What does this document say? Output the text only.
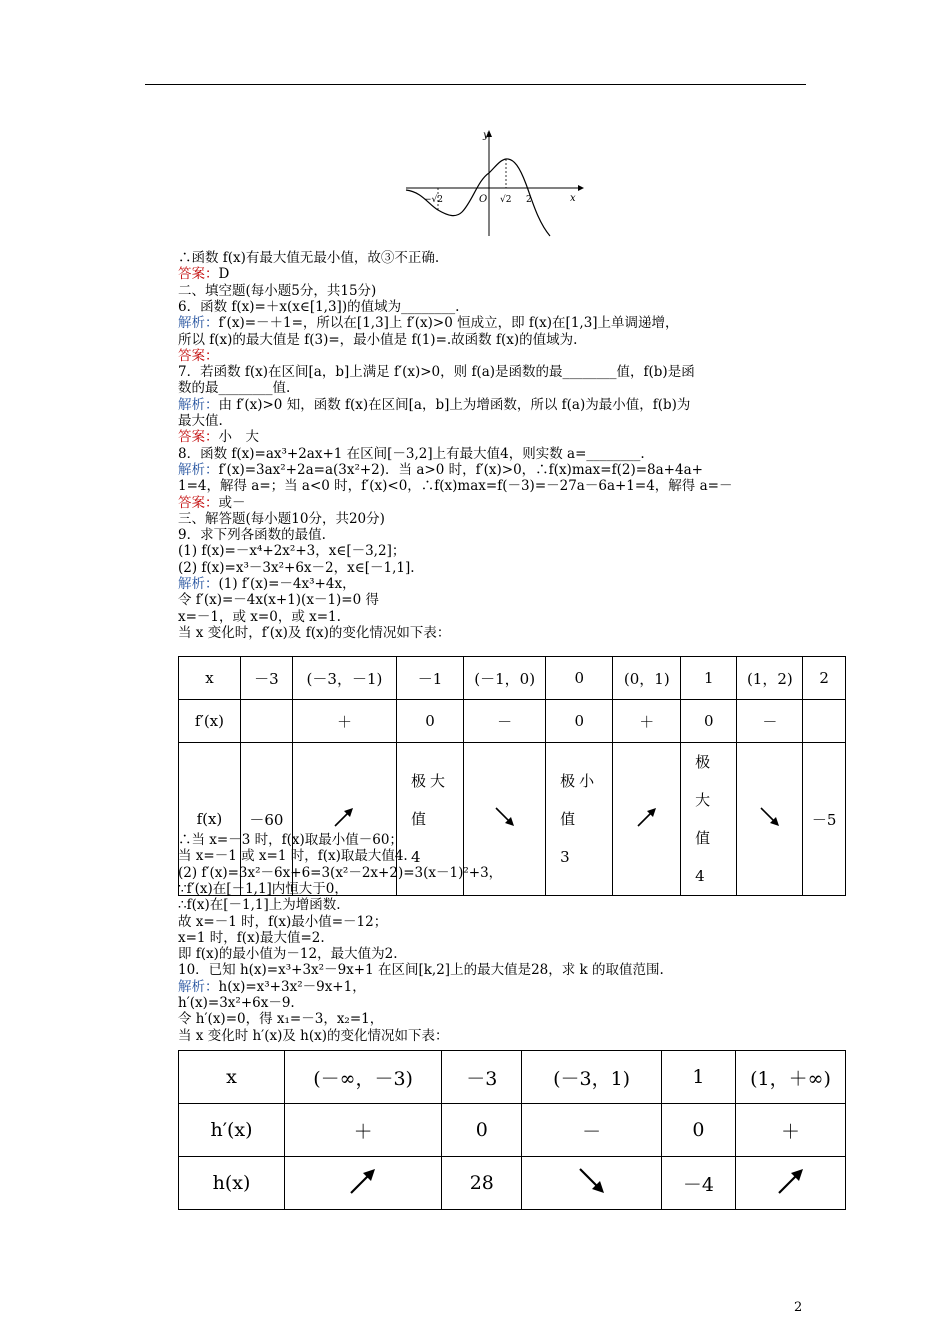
y
x
O
−√2	√2 2
∴函数 f(x)有最大值无最小值，故③不正确.
答案：D
二、填空题(每小题5分，共15分)
6．函数 f(x)=＋x(x∈[1,3])的值域为________.
解析：f′(x)=－＋1=，所以在[1,3]上 f′(x)>0 恒成立，即 f(x)在[1,3]上单调递增，
所以 f(x)的最大值是 f(3)=，最小值是 f(1)=.故函数 f(x)的值域为.
答案：
7．若函数 f(x)在区间[a，b]上满足 f′(x)>0，则 f(a)是函数的最________值，f(b)是函
数的最________值.
解析：由 f′(x)>0 知，函数 f(x)在区间[a，b]上为增函数，所以 f(a)为最小值，f(b)为
最大值.
答案：小　大
8．函数 f(x)=ax³+2ax+1 在区间[－3,2]上有最大值4，则实数 a=________.
解析：f′(x)=3ax²+2a=a(3x²+2)．当 a>0 时，f′(x)>0，∴f(x)max=f(2)=8a+4a+
1=4，解得 a=；当 a<0 时，f′(x)<0，∴f(x)max=f(－3)=－27a－6a+1=4，解得 a=－
答案：或－
三、解答题(每小题10分，共20分)
9．求下列各函数的最值.
(1) f(x)=－x⁴+2x²+3，x∈[－3,2]；
(2) f(x)=x³－3x²+6x－2，x∈[－1,1].
解析：(1) f′(x)=－4x³+4x，
令 f′(x)=－4x(x+1)(x－1)=0 得
x=－1，或 x=0，或 x=1.
当 x 变化时，f′(x)及 f(x)的变化情况如下表：
x	－3	(－3，－1)	－1	(－1，0)	0	(0，1)	1	(1，2)	2
f′(x)		＋	0	－	0	＋	0	－	
f(x)	－60		极大值 4		极小值 3		极大值 4		－5
∴当 x=－3 时，f(x)取最小值－60；
当 x=－1 或 x=1 时，f(x)取最大值4.
(2) f′(x)=3x²－6x+6=3(x²－2x+2)=3(x－1)²+3，
∵f′(x)在[－1,1]内恒大于0，
∴f(x)在[－1,1]上为增函数.
故 x=－1 时，f(x)最小值=－12；
x=1 时，f(x)最大值=2.
即 f(x)的最小值为－12，最大值为2.
10．已知 h(x)=x³+3x²－9x+1 在区间[k,2]上的最大值是28，求 k 的取值范围.
解析：h(x)=x³+3x²－9x+1，
h′(x)=3x²+6x－9.
令 h′(x)=0，得 x₁=－3，x₂=1，
当 x 变化时 h′(x)及 h(x)的变化情况如下表：
x	(－∞，－3)	－3	(－3，1)	1	(1，＋∞)
h′(x)	＋	0	－	0	＋
h(x)		28		－4	
2
